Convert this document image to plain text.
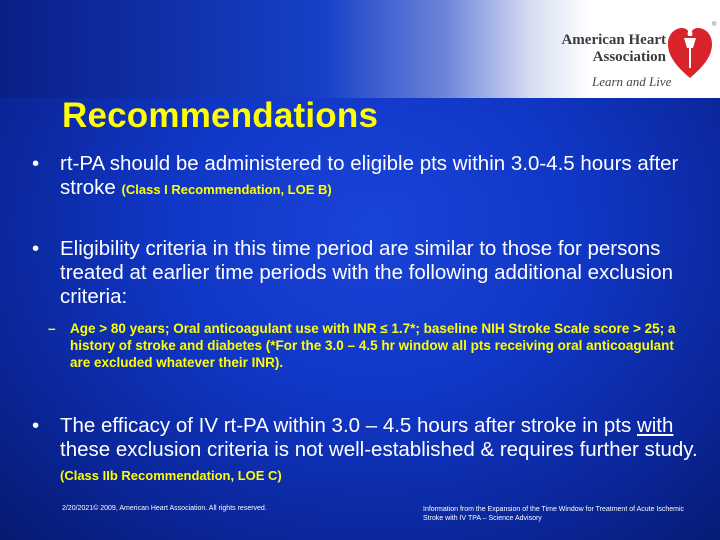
American Heart
Association
Learn and Live
®
Recommendations
• rt-PA should be administered to eligible pts within 3.0-4.5 hours after stroke (Class I Recommendation, LOE B)
• Eligibility criteria in this time period are similar to those for persons treated at earlier time periods with the following additional exclusion criteria:
– Age > 80 years; Oral anticoagulant use with INR ≤ 1.7*; baseline NIH Stroke Scale score > 25; a history of stroke and diabetes (*For the 3.0 – 4.5 hr window all pts receiving oral anticoagulant are excluded whatever their INR).
• The efficacy of IV rt-PA within 3.0 – 4.5 hours after stroke in pts with these exclusion criteria is not well-established & requires further study. (Class IIb Recommendation, LOE C)
2/20/2021© 2009, American Heart Association. All rights reserved.	Information from the Expansion of the Time Window for Treatment of Acute Ischemic Stroke with IV TPA – Science Advisory
